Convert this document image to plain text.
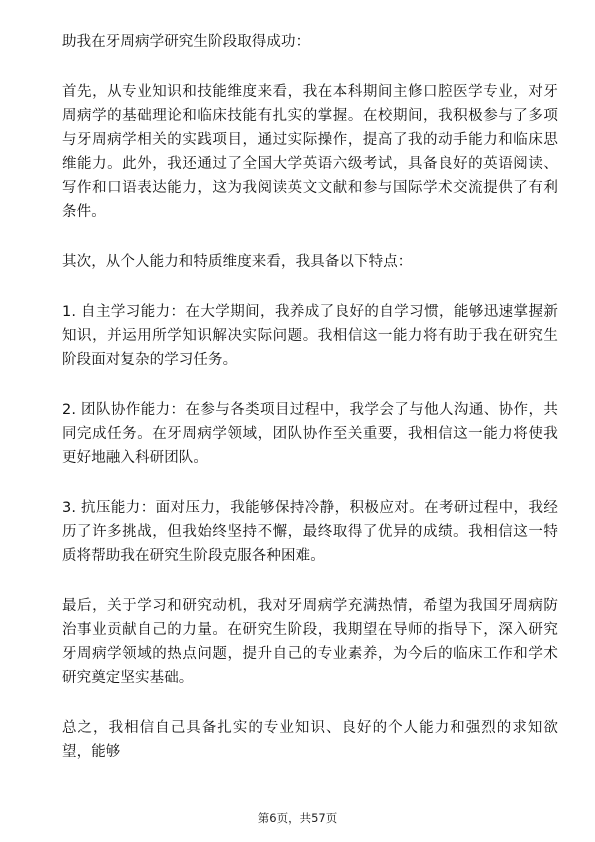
助我在牙周病学研究生阶段取得成功：

首先，从专业知识和技能维度来看，我在本科期间主修口腔医学专业，对牙周病学的基础理论和临床技能有扎实的掌握。在校期间，我积极参与了多项与牙周病学相关的实践项目，通过实际操作，提高了我的动手能力和临床思维能力。此外，我还通过了全国大学英语六级考试，具备良好的英语阅读、写作和口语表达能力，这为我阅读英文文献和参与国际学术交流提供了有利条件。

其次，从个人能力和特质维度来看，我具备以下特点：

1. 自主学习能力：在大学期间，我养成了良好的自学习惯，能够迅速掌握新知识，并运用所学知识解决实际问题。我相信这一能力将有助于我在研究生阶段面对复杂的学习任务。

2. 团队协作能力：在参与各类项目过程中，我学会了与他人沟通、协作，共同完成任务。在牙周病学领域，团队协作至关重要，我相信这一能力将使我更好地融入科研团队。

3. 抗压能力：面对压力，我能够保持冷静，积极应对。在考研过程中，我经历了许多挑战，但我始终坚持不懈，最终取得了优异的成绩。我相信这一特质将帮助我在研究生阶段克服各种困难。

最后，关于学习和研究动机，我对牙周病学充满热情，希望为我国牙周病防治事业贡献自己的力量。在研究生阶段，我期望在导师的指导下，深入研究牙周病学领域的热点问题，提升自己的专业素养，为今后的临床工作和学术研究奠定坚实基础。

总之，我相信自己具备扎实的专业知识、良好的个人能力和强烈的求知欲望，能够

第6页，共57页
